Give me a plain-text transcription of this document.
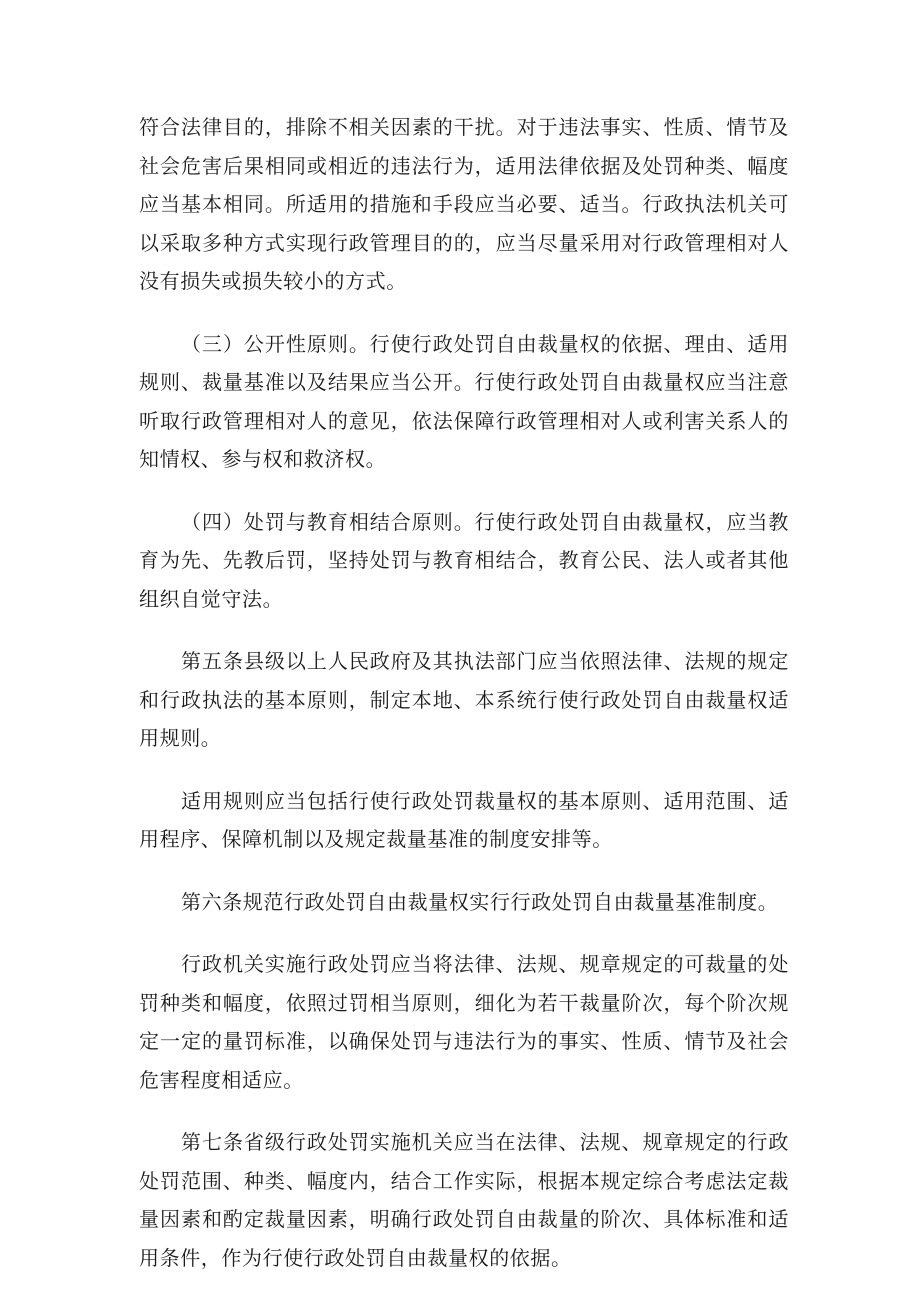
符合法律目的，排除不相关因素的干扰。对于违法事实、性质、情节及社会危害后果相同或相近的违法行为，适用法律依据及处罚种类、幅度应当基本相同。所适用的措施和手段应当必要、适当。行政执法机关可以采取多种方式实现行政管理目的的，应当尽量采用对行政管理相对人没有损失或损失较小的方式。

（三）公开性原则。行使行政处罚自由裁量权的依据、理由、适用规则、裁量基准以及结果应当公开。行使行政处罚自由裁量权应当注意听取行政管理相对人的意见，依法保障行政管理相对人或利害关系人的知情权、参与权和救济权。

（四）处罚与教育相结合原则。行使行政处罚自由裁量权，应当教育为先、先教后罚，坚持处罚与教育相结合，教育公民、法人或者其他组织自觉守法。

第五条县级以上人民政府及其执法部门应当依照法律、法规的规定和行政执法的基本原则，制定本地、本系统行使行政处罚自由裁量权适用规则。

适用规则应当包括行使行政处罚裁量权的基本原则、适用范围、适用程序、保障机制以及规定裁量基准的制度安排等。

第六条规范行政处罚自由裁量权实行行政处罚自由裁量基准制度。

行政机关实施行政处罚应当将法律、法规、规章规定的可裁量的处罚种类和幅度，依照过罚相当原则，细化为若干裁量阶次，每个阶次规定一定的量罚标准，以确保处罚与违法行为的事实、性质、情节及社会危害程度相适应。

第七条省级行政处罚实施机关应当在法律、法规、规章规定的行政处罚范围、种类、幅度内，结合工作实际，根据本规定综合考虑法定裁量因素和酌定裁量因素，明确行政处罚自由裁量的阶次、具体标准和适用条件，作为行使行政处罚自由裁量权的依据。
